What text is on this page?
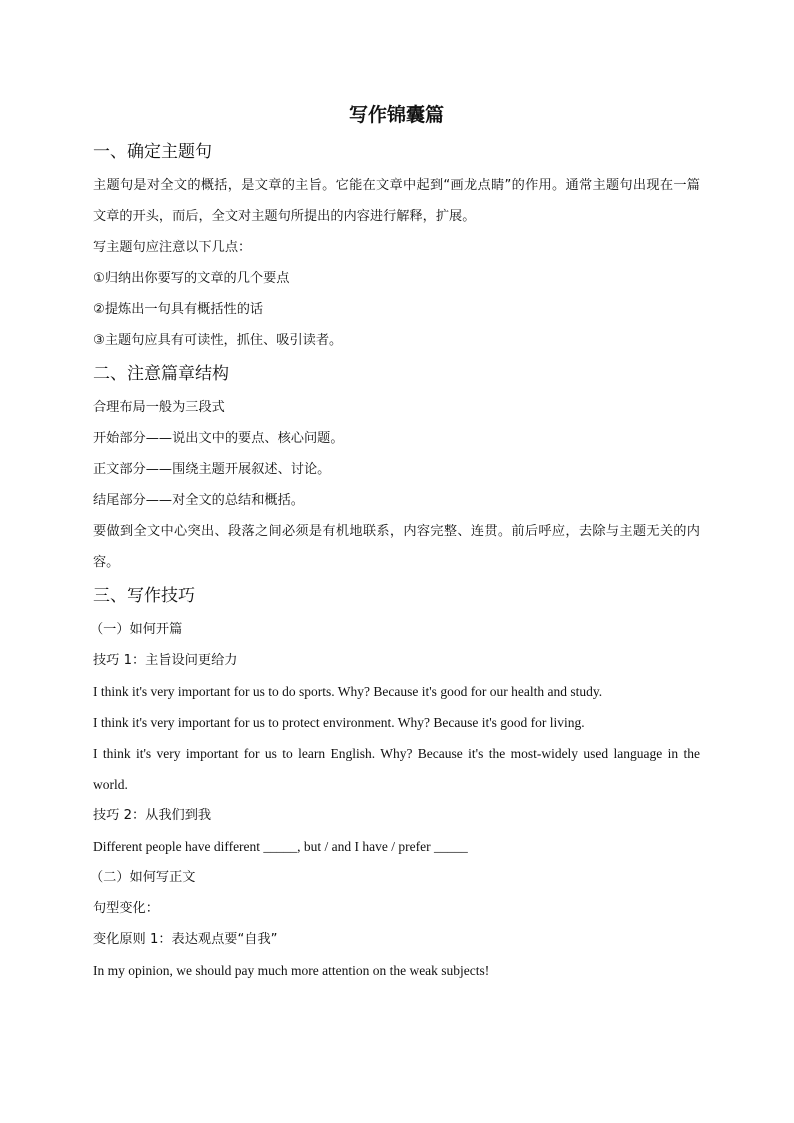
写作锦囊篇
一、确定主题句

主题句是对全文的概括，是文章的主旨。它能在文章中起到“画龙点睛”的作用。通常主题句出现在一篇文章的开头，而后，全文对主题句所提出的内容进行解释，扩展。

写主题句应注意以下几点：

①归纳出你要写的文章的几个要点

②提炼出一句具有概括性的话

③主题句应具有可读性，抓住、吸引读者。

二、注意篇章结构

合理布局一般为三段式

开始部分——说出文中的要点、核心问题。

正文部分——围绕主题开展叙述、讨论。

结尾部分——对全文的总结和概括。

要做到全文中心突出、段落之间必须是有机地联系，内容完整、连贯。前后呼应，去除与主题无关的内容。

三、写作技巧

（一）如何开篇

技巧 1：主旨设问更给力

I think it's very important for us to do sports. Why? Because it's good for our health and study.

I think it's very important for us to protect environment. Why? Because it's good for living.

I think it's very important for us to learn English. Why? Because it's the most-widely used language in the world.

技巧 2：从我们到我

Different people have different _____, but / and I have / prefer _____

（二）如何写正文

句型变化：

变化原则 1：表达观点要“自我”

In my opinion, we should pay much more attention on the weak subjects!
